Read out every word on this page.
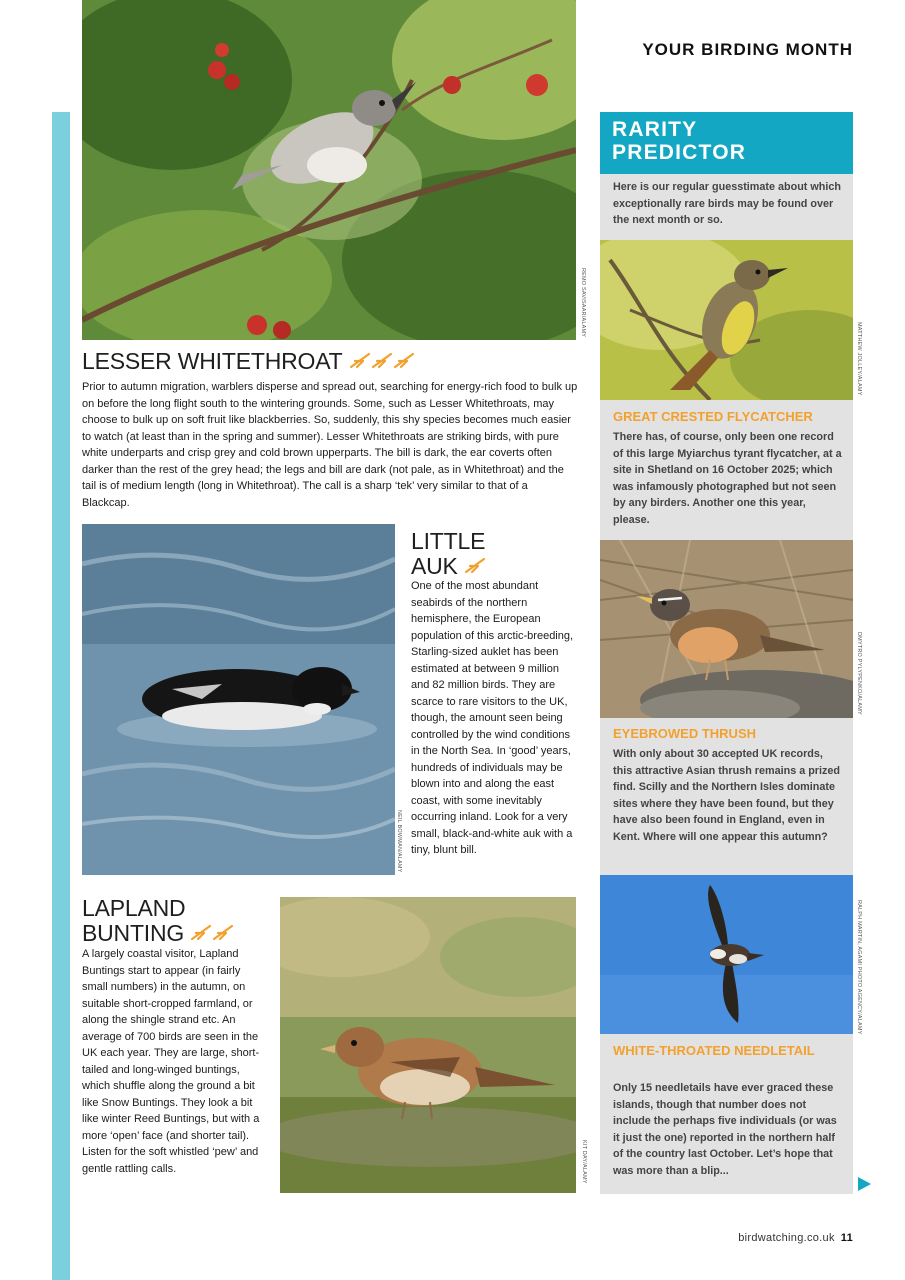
YOUR BIRDING MONTH
REMO SAVISAAR/ALAMY
LESSER WHITETHROAT

Prior to autumn migration, warblers disperse and spread out, searching for energy-rich food to bulk up on before the long flight south to the wintering grounds. Some, such as Lesser Whitethroats, may choose to bulk up on soft fruit like blackberries. So, suddenly, this shy species becomes much easier to watch (at least than in the spring and summer). Lesser Whitethroats are striking birds, with pure white underparts and crisp grey and cold brown upperparts. The bill is dark, the ear coverts often darker than the rest of the grey head; the legs and bill are dark (not pale, as in Whitethroat) and the tail is of medium length (long in Whitethroat). The call is a sharp ‘tek’ very similar to that of a Blackcap.

NEIL BOWMAN/ALAMY
LITTLE
AUK

One of the most abundant seabirds of the northern hemisphere, the European population of this arctic-breeding, Starling-sized auklet has been estimated at between 9 million and 82 million birds. They are scarce to rare visitors to the UK, though, the amount seen being controlled by the wind conditions in the North Sea. In ‘good’ years, hundreds of individuals may be blown into and along the east coast, with some inevitably occurring inland. Look for a very small, black-and-white auk with a tiny, blunt bill.

LAPLAND
BUNTING

A largely coastal visitor, Lapland Buntings start to appear (in fairly small numbers) in the autumn, on suitable short-cropped farmland, or along the shingle strand etc. An average of 700 birds are seen in the UK each year. They are large, short-tailed and long-winged buntings, which shuffle along the ground a bit like Snow Buntings. They look a bit like winter Reed Buntings, but with a more ‘open’ face (and shorter tail). Listen for the soft whistled ‘pew’ and gentle rattling calls.	KIT DAY/ALAMY
RARITY
PREDICTOR

Here is our regular guesstimate about which exceptionally rare birds may be found over the next month or so.

MATTHEW JOLLEY/ALAMY
GREAT CRESTED FLYCATCHER

There has, of course, only been one record of this large Myiarchus tyrant flycatcher, at a site in Shetland on 16 October 2025; which was infamously photographed but not seen by any birders. Another one this year, please.

DMYTRO PYLYPENKO/ALAMY
EYEBROWED THRUSH

With only about 30 accepted UK records, this attractive Asian thrush remains a prized find. Scilly and the Northern Isles dominate sites where they have been found, but they have also been found in England, even in Kent. Where will one appear this autumn?

RALPH MARTIN, AGAMI PHOTO AGENCY/ALAMY
WHITE-THROATED NEEDLETAIL

Only 15 needletails have ever graced these islands, though that number does not include the perhaps five individuals (or was it just the one) reported in the northern half of the country last October. Let’s hope that was more than a blip...

birdwatching.co.uk 11
